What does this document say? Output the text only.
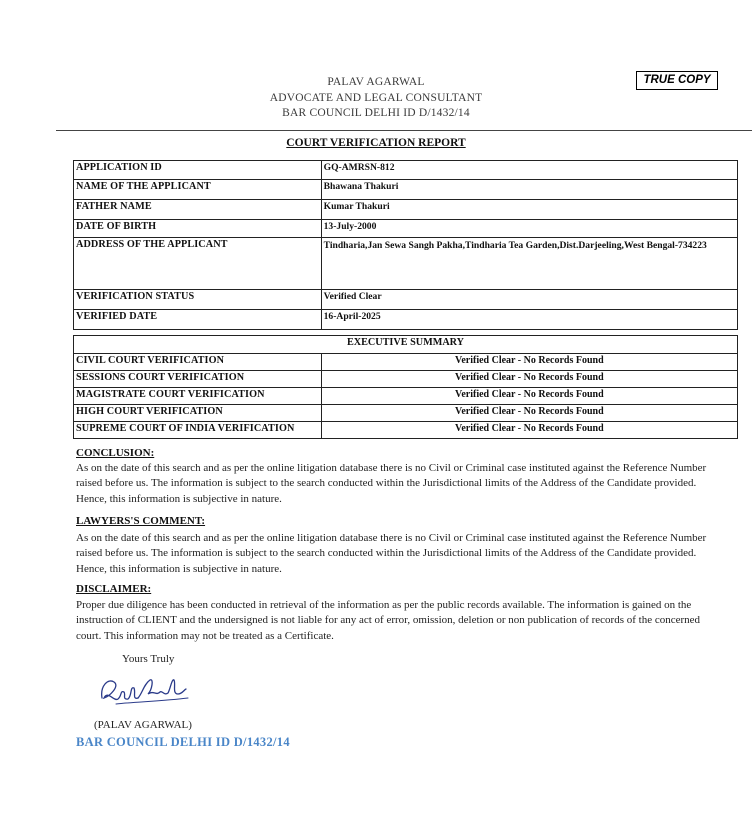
PALAV AGARWAL
ADVOCATE AND LEGAL CONSULTANT
BAR COUNCIL DELHI ID D/1432/14
TRUE COPY
COURT VERIFICATION REPORT
APPLICATION ID	GQ-AMRSN-812
NAME OF THE APPLICANT	Bhawana Thakuri
FATHER NAME	Kumar Thakuri
DATE OF BIRTH	13-July-2000
ADDRESS OF THE APPLICANT	Tindharia,Jan Sewa Sangh Pakha,Tindharia Tea Garden,Dist.Darjeeling,West Bengal-734223
VERIFICATION STATUS	Verified Clear
VERIFIED DATE	16-April-2025
EXECUTIVE SUMMARY	
CIVIL COURT VERIFICATION	Verified Clear - No Records Found
SESSIONS COURT VERIFICATION	Verified Clear - No Records Found
MAGISTRATE COURT VERIFICATION	Verified Clear - No Records Found
HIGH COURT VERIFICATION	Verified Clear - No Records Found
SUPREME COURT OF INDIA VERIFICATION	Verified Clear - No Records Found
CONCLUSION:
As on the date of this search and as per the online litigation database there is no Civil or Criminal case instituted against the Reference Number raised before us. The information is subject to the search conducted within the Jurisdictional limits of the Address of the Candidate provided. Hence, this information is subjective in nature.
LAWYERS'S COMMENT:
As on the date of this search and as per the online litigation database there is no Civil or Criminal case instituted against the Reference Number raised before us. The information is subject to the search conducted within the Jurisdictional limits of the Address of the Candidate provided. Hence, this information is subjective in nature.
DISCLAIMER:
Proper due diligence has been conducted in retrieval of the information as per the public records available. The information is gained on the instruction of CLIENT and the undersigned is not liable for any act of error, omission, deletion or non publication of records of the concerned court. This information may not be treated as a Certificate.
Yours Truly
(PALAV AGARWAL)
BAR COUNCIL DELHI ID D/1432/14
